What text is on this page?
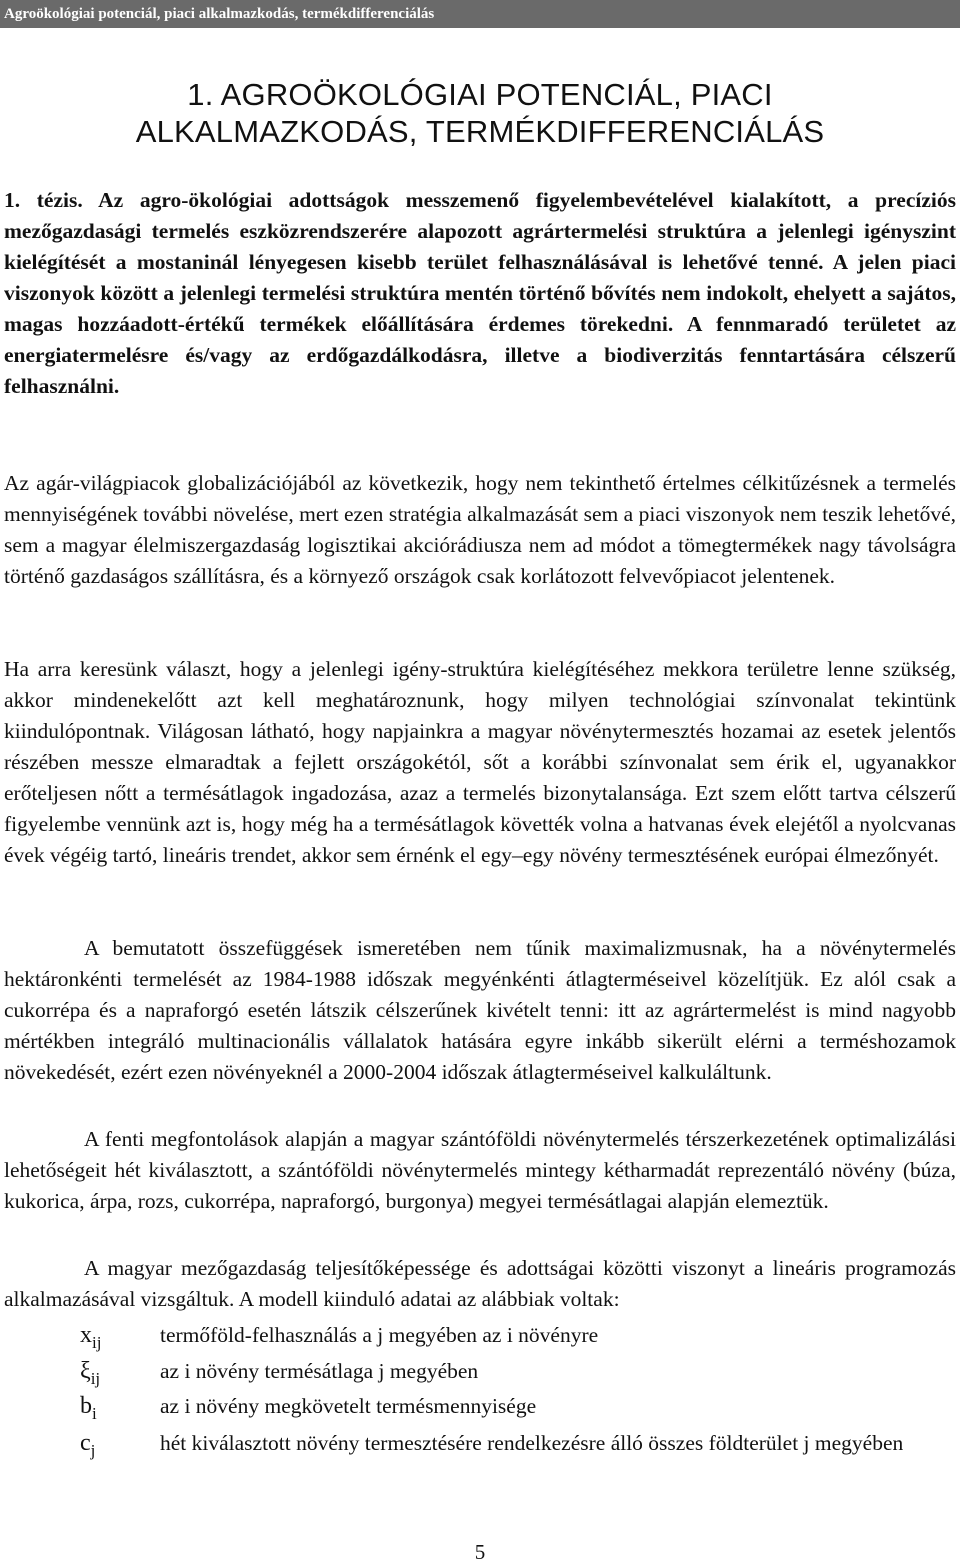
Agroökológiai potenciál, piaci alkalmazkodás, termékdifferenciálás
1. AGROÖKOLÓGIAI POTENCIÁL, PIACI
ALKALMAZKODÁS, TERMÉKDIFFERENCIÁLÁS

1. tézis. Az agro-ökológiai adottságok messzemenő figyelembevételével kialakított, a precíziós mezőgazdasági termelés eszközrendszerére alapozott agrártermelési struktúra a jelenlegi igényszint kielégítését a mostaninál lényegesen kisebb terület felhasználásával is lehetővé tenné. A jelen piaci viszonyok között a jelenlegi termelési struktúra mentén történő bővítés nem indokolt, ehelyett a sajátos, magas hozzáadott-értékű termékek előállítására érdemes törekedni. A fennmaradó területet az energiatermelésre és/vagy az erdőgazdálkodásra, illetve a biodiverzitás fenntartására célszerű felhasználni.

Az agár-világpiacok globalizációjából az következik, hogy nem tekinthető értelmes célkitűzésnek a termelés mennyiségének további növelése, mert ezen stratégia alkalmazását sem a piaci viszonyok nem teszik lehetővé, sem a magyar élelmiszergazdaság logisztikai akciórádiusza nem ad módot a tömegtermékek nagy távolságra történő gazdaságos szállításra, és a környező országok csak korlátozott felvevőpiacot jelentenek.

Ha arra keresünk választ, hogy a jelenlegi igény-struktúra kielégítéséhez mekkora területre lenne szükség, akkor mindenekelőtt azt kell meghatároznunk, hogy milyen technológiai színvonalat tekintünk kiindulópontnak. Világosan látható, hogy napjainkra a magyar növénytermesztés hozamai az esetek jelentős részében messze elmaradtak a fejlett országokétól, sőt a korábbi színvonalat sem érik el, ugyanakkor erőteljesen nőtt a termésátlagok ingadozása, azaz a termelés bizonytalansága. Ezt szem előtt tartva célszerű figyelembe vennünk azt is, hogy még ha a termésátlagok követték volna a hatvanas évek elejétől a nyolcvanas évek végéig tartó, lineáris trendet, akkor sem érnénk el egy–egy növény termesztésének európai élmezőnyét.

A bemutatott összefüggések ismeretében nem tűnik maximalizmusnak, ha a növénytermelés hektáronkénti termelését az 1984-1988 időszak megyénkénti átlagterméseivel közelítjük. Ez alól csak a cukorrépa és a napraforgó esetén látszik célszerűnek kivételt tenni: itt az agrártermelést is mind nagyobb mértékben integráló multinacionális vállalatok hatására egyre inkább sikerült elérni a terméshozamok növekedését, ezért ezen növényeknél a 2000-2004 időszak átlagterméseivel kalkuláltunk.

A fenti megfontolások alapján a magyar szántóföldi növénytermelés térszerkezetének optimalizálási lehetőségeit hét kiválasztott, a szántóföldi növénytermelés mintegy kétharmadát reprezentáló növény (búza, kukorica, árpa, rozs, cukorrépa, napraforgó, burgonya) megyei termésátlagai alapján elemeztük.

A magyar mezőgazdaság teljesítőképessége és adottságai közötti viszonyt a lineáris programozás alkalmazásával vizsgáltuk. A modell kiinduló adatai az alábbiak voltak:

$x_{ij}$	termőföld-felhasználás a j megyében az i növényre
$\xi_{ij}$	az i növény termésátlaga j megyében
$b_i$	az i növény megkövetelt termésmennyisége
$c_j$	hét kiválasztott növény termesztésére rendelkezésre álló összes földterület j megyében
5
